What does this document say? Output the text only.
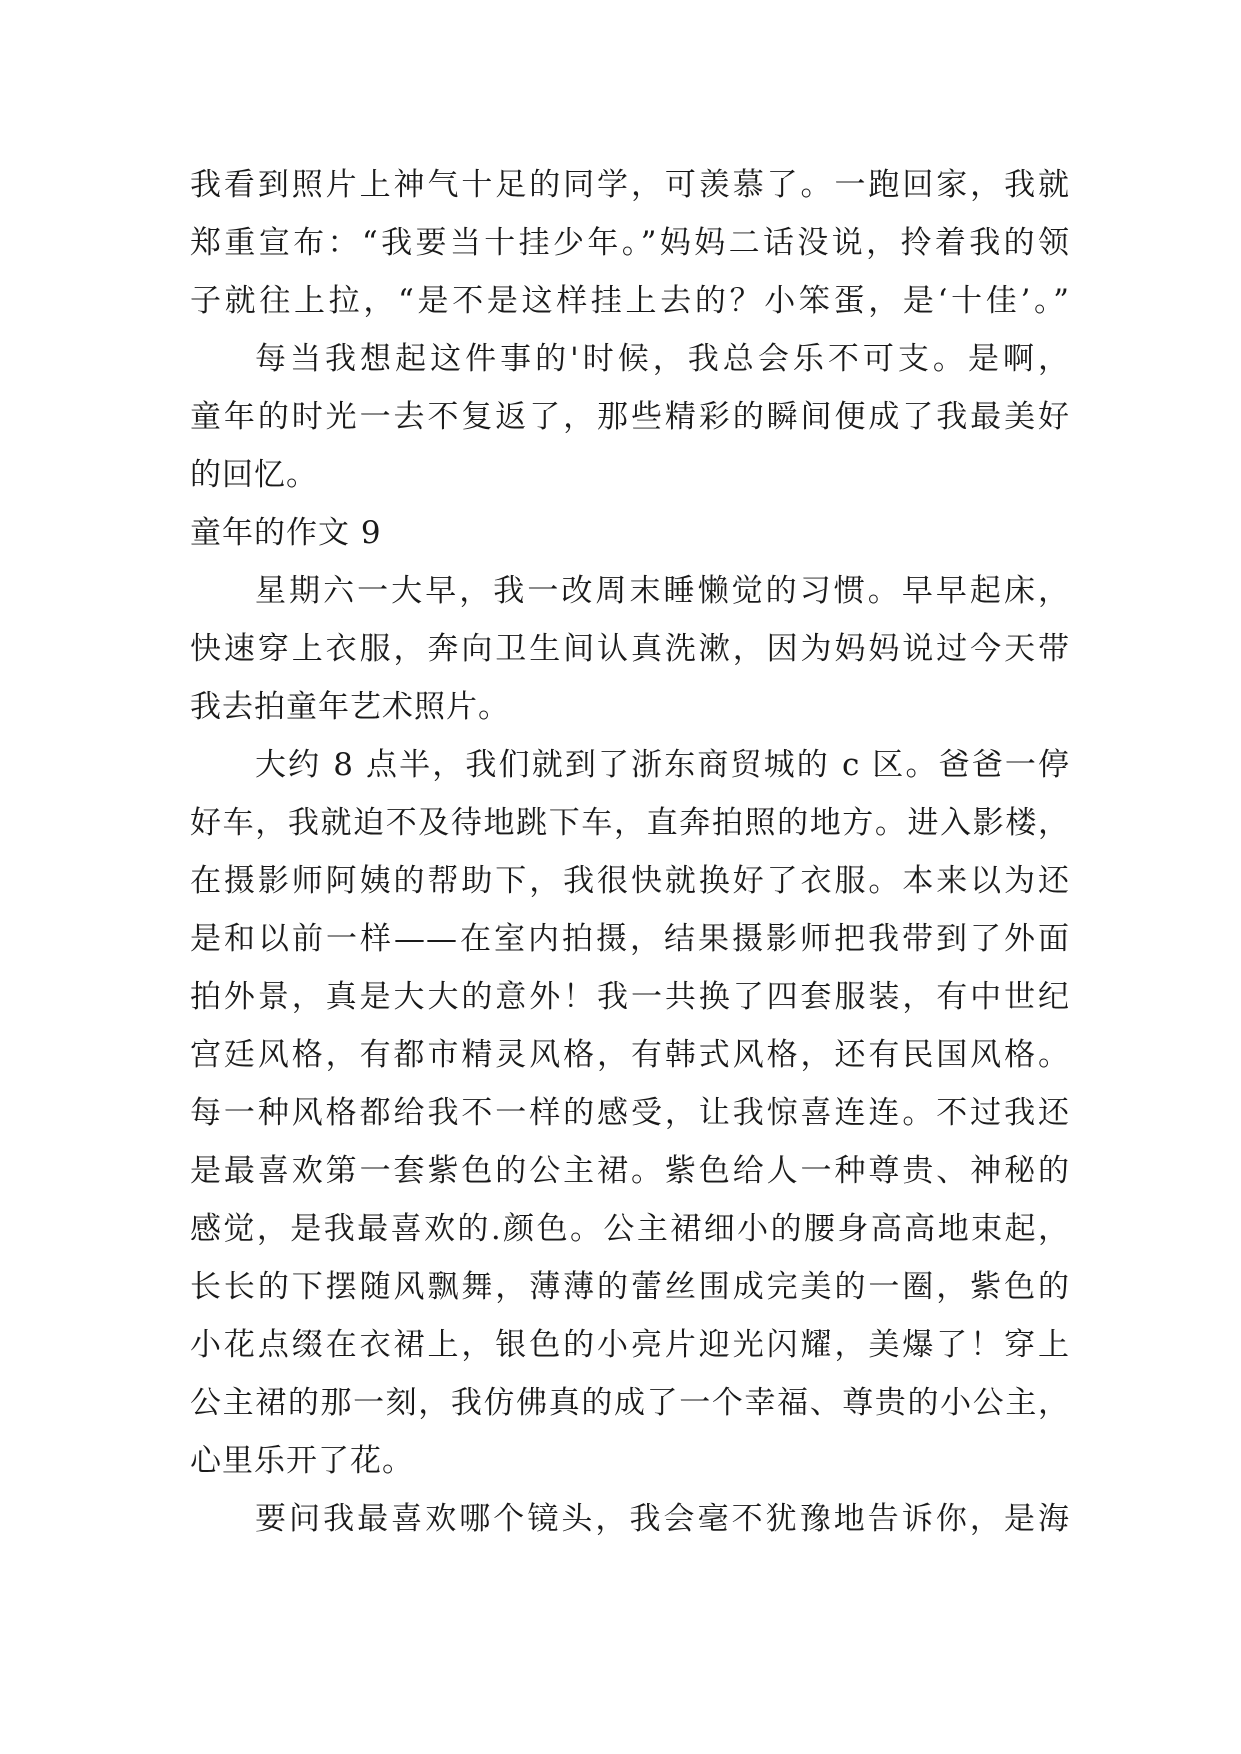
我看到照片上神气十足的同学，可羡慕了。一跑回家，我就
郑重宣布：“我要当十挂少年。”妈妈二话没说，拎着我的领
子就往上拉，“是不是这样挂上去的？小笨蛋，是‘十佳’。”
每当我想起这件事的'时候，我总会乐不可支。是啊，
童年的时光一去不复返了，那些精彩的瞬间便成了我最美好
的回忆。
童年的作文 9
星期六一大早，我一改周末睡懒觉的习惯。早早起床，
快速穿上衣服，奔向卫生间认真洗漱，因为妈妈说过今天带
我去拍童年艺术照片。
大约 8 点半，我们就到了浙东商贸城的 c 区。爸爸一停
好车，我就迫不及待地跳下车，直奔拍照的地方。进入影楼，
在摄影师阿姨的帮助下，我很快就换好了衣服。本来以为还
是和以前一样——在室内拍摄，结果摄影师把我带到了外面
拍外景，真是大大的意外！我一共换了四套服装，有中世纪
宫廷风格，有都市精灵风格，有韩式风格，还有民国风格。
每一种风格都给我不一样的感受，让我惊喜连连。不过我还
是最喜欢第一套紫色的公主裙。紫色给人一种尊贵、神秘的
感觉，是我最喜欢的.颜色。公主裙细小的腰身高高地束起，
长长的下摆随风飘舞，薄薄的蕾丝围成完美的一圈，紫色的
小花点缀在衣裙上，银色的小亮片迎光闪耀，美爆了！穿上
公主裙的那一刻，我仿佛真的成了一个幸福、尊贵的小公主，
心里乐开了花。
要问我最喜欢哪个镜头，我会毫不犹豫地告诉你，是海
